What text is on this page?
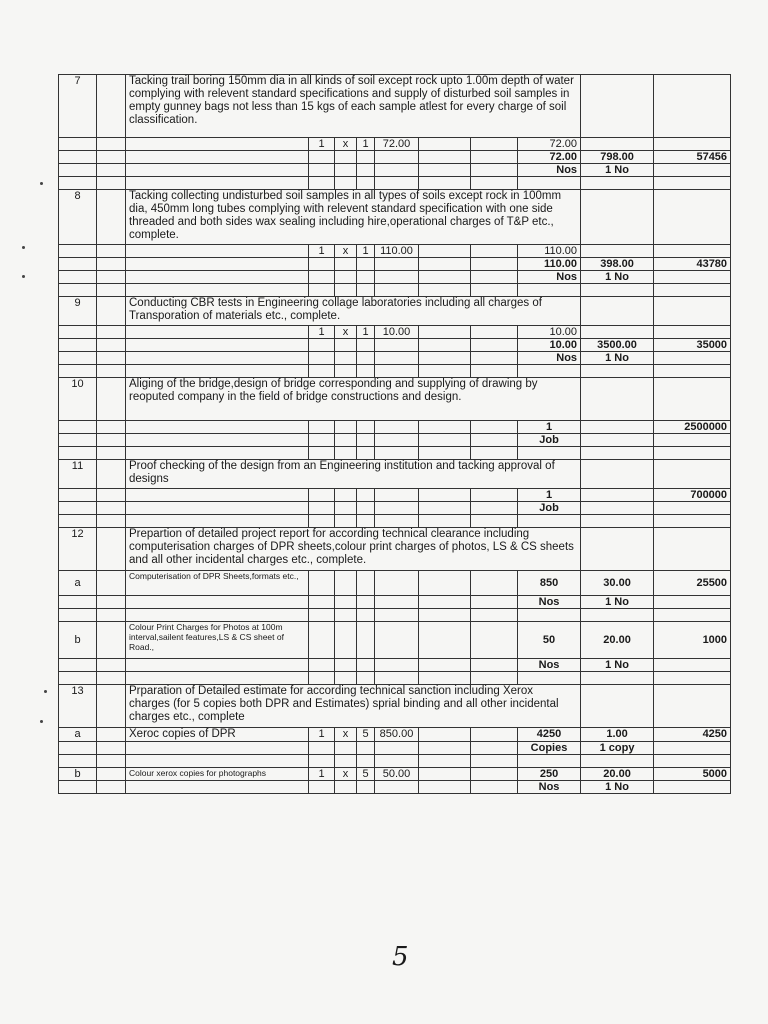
7		Tacking trail boring 150mm dia in all kinds of soil except rock upto 1.00m depth of water complying with relevent standard specifications and supply of disturbed soil samples in empty gunney bags not less than 15 kgs of each sample atlest for every charge of soil classification.									
			1	x	1	72.00			72.00		
									72.00	798.00	57456
									Nos	1 No	

8		Tacking collecting undisturbed soil samples in all types of soils except rock in 100mm dia, 450mm long tubes complying with relevent standard specification with one side threaded and both sides wax sealing including hire,operational charges of T&P etc., complete.									
			1	x	1	110.00			110.00		
									110.00	398.00	43780
									Nos	1 No	

9		Conducting CBR tests in Engineering collage laboratories including all charges of Transporation of materials etc., complete.									
			1	x	1	10.00			10.00		
									10.00	3500.00	35000
									Nos	1 No	

10		Aliging of the bridge,design of bridge corresponding and supplying of drawing by reoputed company in the field of bridge constructions and design.									
									1		2500000
									Job		

11		Proof checking of the design from an Engineering institution and tacking approval of designs									
									1		700000
									Job		

12		Prepartion of detailed project report for according technical clearance including computerisation charges of DPR sheets,colour print charges of photos, LS & CS sheets and all other incidental charges etc., complete.									
a		Computerisation of DPR Sheets,formats etc.,							850	30.00	25500
									Nos	1 No	

b		Colour Print Charges for Photos at 100m interval,sailent features,LS & CS sheet of Road.,							50	20.00	1000
									Nos	1 No	

13		Prparation of Detailed estimate for according technical sanction including Xerox charges (for 5 copies both DPR and Estimates) sprial binding and all other incidental charges etc., complete									
a		Xeroc copies of DPR	1	x	5	850.00			4250	1.00	4250
									Copies	1 copy	

b		Colour xerox copies for photographs	1	x	5	50.00			250	20.00	5000
									Nos	1 No	
5
